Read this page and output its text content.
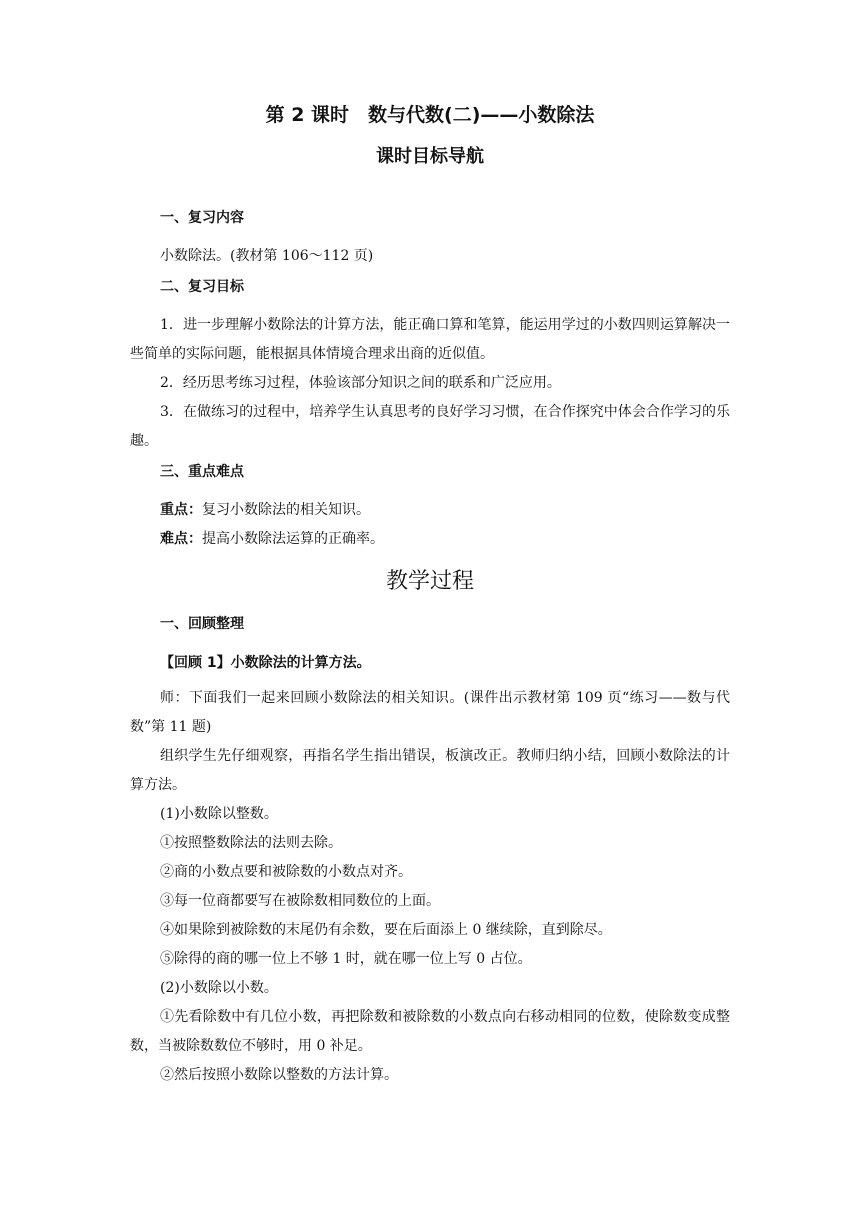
第 2 课时　数与代数(二)——小数除法
课时目标导航
一、复习内容

小数除法。(教材第 106～112 页)

二、复习目标

1．进一步理解小数除法的计算方法，能正确口算和笔算，能运用学过的小数四则运算解决一些简单的实际问题，能根据具体情境合理求出商的近似值。

2．经历思考练习过程，体验该部分知识之间的联系和广泛应用。

3．在做练习的过程中，培养学生认真思考的良好学习习惯，在合作探究中体会合作学习的乐趣。

三、重点难点

重点：复习小数除法的相关知识。

难点：提高小数除法运算的正确率。

教学过程
一、回顾整理
【回顾 1】小数除法的计算方法。

师：下面我们一起来回顾小数除法的相关知识。(课件出示教材第 109 页“练习——数与代数”第 11 题)

组织学生先仔细观察，再指名学生指出错误，板演改正。教师归纳小结，回顾小数除法的计算方法。

(1)小数除以整数。

①按照整数除法的法则去除。

②商的小数点要和被除数的小数点对齐。

③每一位商都要写在被除数相同数位的上面。

④如果除到被除数的末尾仍有余数，要在后面添上 0 继续除，直到除尽。

⑤除得的商的哪一位上不够 1 时，就在哪一位上写 0 占位。

(2)小数除以小数。

①先看除数中有几位小数，再把除数和被除数的小数点向右移动相同的位数，使除数变成整数，当被除数数位不够时，用 0 补足。

②然后按照小数除以整数的方法计算。
